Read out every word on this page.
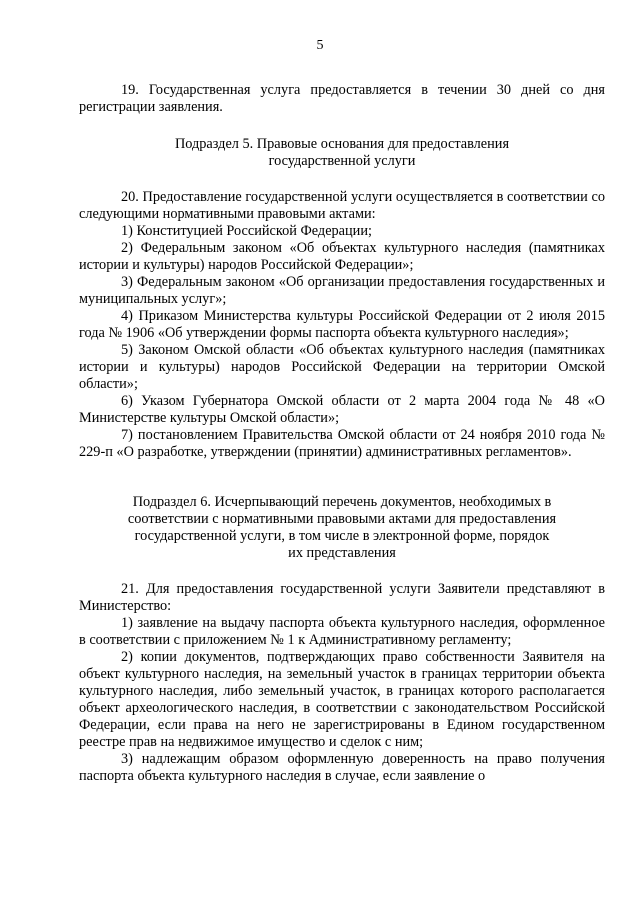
5

19. Государственная услуга предоставляется в течении 30 дней со дня регистрации заявления.

Подраздел 5. Правовые основания для предоставления

государственной услуги

20. Предоставление государственной услуги осуществляется в соответствии со следующими нормативными правовыми актами:

1) Конституцией Российской Федерации;

2) Федеральным законом «Об объектах культурного наследия (памятниках истории и культуры) народов Российской Федерации»;

3) Федеральным законом «Об организации предоставления государственных и муниципальных услуг»;

4) Приказом Министерства культуры Российской Федерации от 2 июля 2015 года № 1906 «Об утверждении формы паспорта объекта культурного наследия»;

5) Законом Омской области «Об объектах культурного наследия (памятниках истории и культуры) народов Российской Федерации на территории Омской области»;

6) Указом Губернатора Омской области от 2 марта 2004 года № 48 «О Министерстве культуры Омской области»;

7) постановлением Правительства Омской области от 24 ноября 2010 года № 229-п «О разработке, утверждении (принятии) административных регламентов».

Подраздел 6. Исчерпывающий перечень документов, необходимых в

соответствии с нормативными правовыми актами для предоставления

государственной услуги, в том числе в электронной форме, порядок

их представления

21. Для предоставления государственной услуги Заявители представляют в Министерство:

1) заявление на выдачу паспорта объекта культурного наследия, оформленное в соответствии с приложением № 1 к Административному регламенту;

2) копии документов, подтверждающих право собственности Заявителя на объект культурного наследия, на земельный участок в границах территории объекта культурного наследия, либо земельный участок, в границах которого располагается объект археологического наследия, в соответствии с законодательством Российской Федерации, если права на него не зарегистрированы в Едином государственном реестре прав на недвижимое имущество и сделок с ним;

3) надлежащим образом оформленную доверенность на право получения паспорта объекта культурного наследия в случае, если заявление о
